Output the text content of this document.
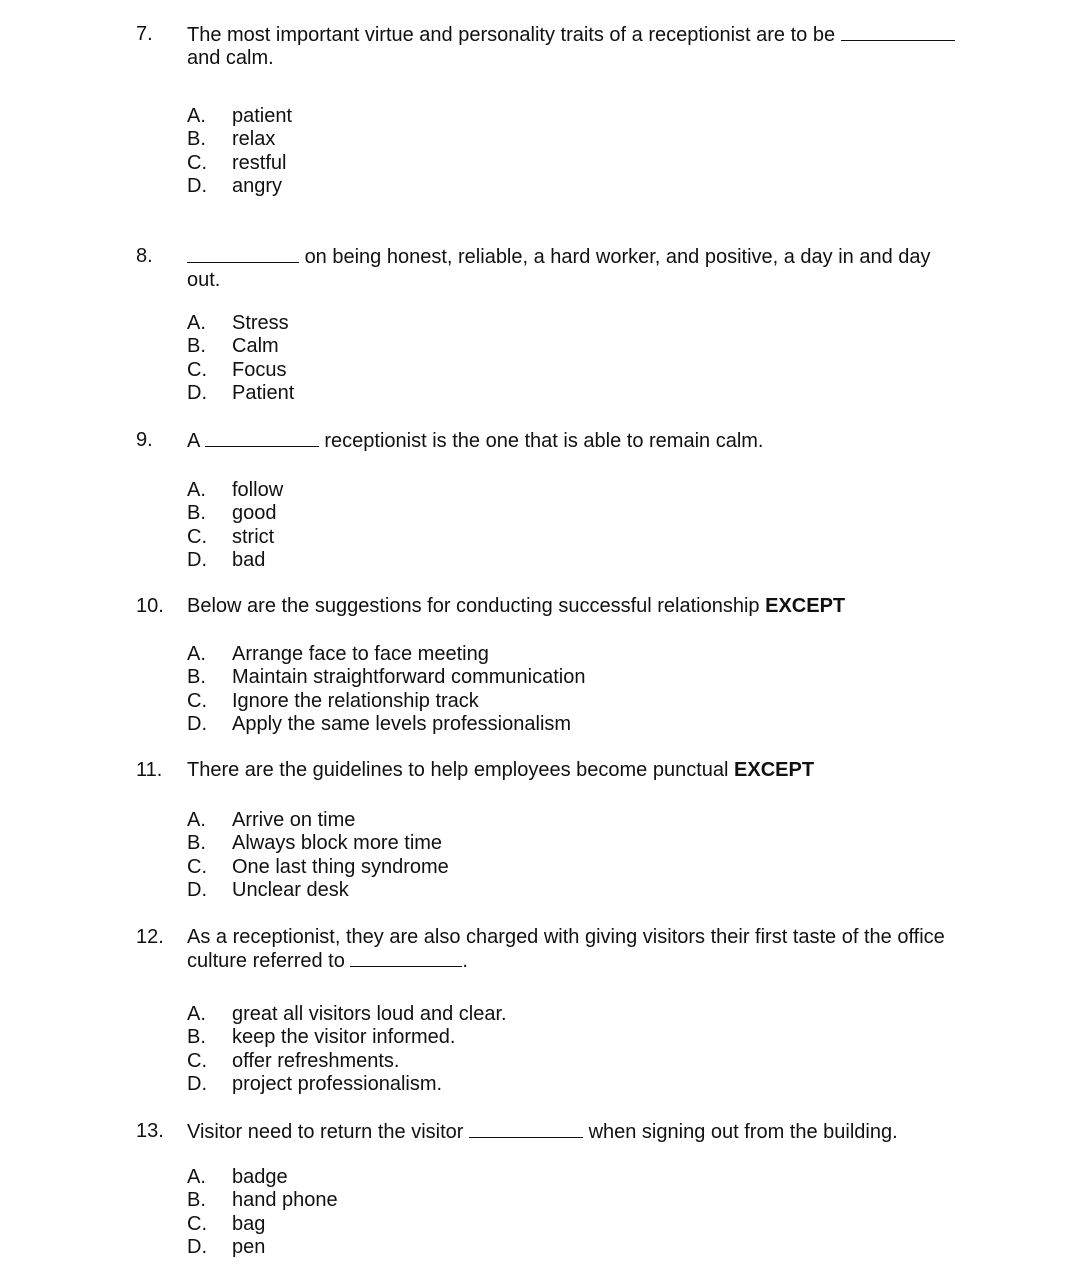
7. The most important virtue and personality traits of a receptionist are to be
and calm.
A. patient
B. relax
C. restful
D. angry
8.	on being honest, reliable, a hard worker, and positive, a day in and day
out.
A. Stress
B. Calm
C. Focus
D. Patient
9. A	receptionist is the one that is able to remain calm.
A. follow
B. good
C. strict
D. bad
10. Below are the suggestions for conducting successful relationship EXCEPT
A. Arrange face to face meeting
B. Maintain straightforward communication
C. Ignore the relationship track
D. Apply the same levels professionalism
11. There are the guidelines to help employees become punctual EXCEPT
A. Arrive on time
B. Always block more time
C. One last thing syndrome
D. Unclear desk
12. As a receptionist, they are also charged with giving visitors their first taste of the office
culture referred to	.
A. great all visitors loud and clear.
B. keep the visitor informed.
C. offer refreshments.
D. project professionalism.
13. Visitor need to return the visitor	when signing out from the building.
A. badge
B. hand phone
C. bag
D. pen
